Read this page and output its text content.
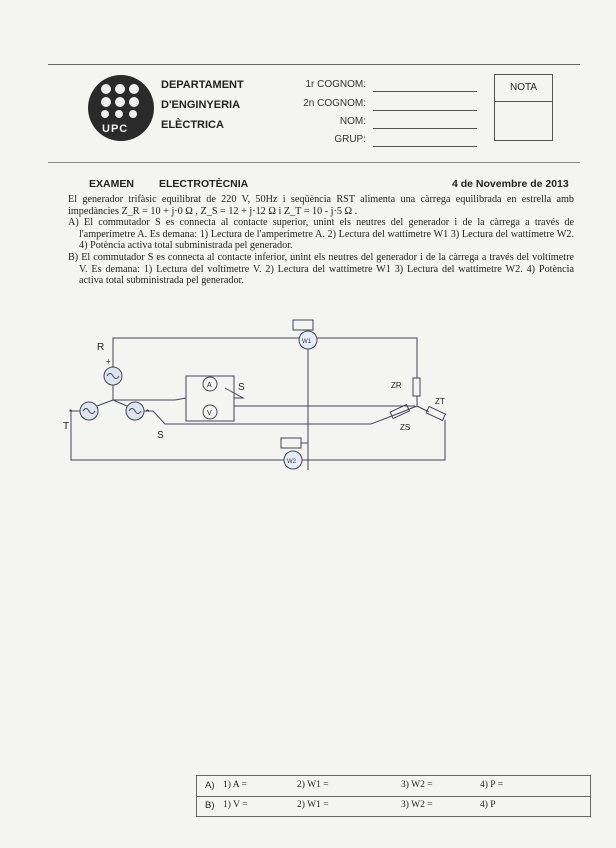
UPC
DEPARTAMENT
D'ENGINYERIA
ELÈCTRICA
1r COGNOM:
2n COGNOM:
NOM:
GRUP:
NOTA
EXAMEN ELECTROTÈCNIA	4 de Novembre de 2013
El generador trifàsic equilibrat de 220 V, 50Hz i seqüència RST alimenta una càrrega equilibrada en estrella amb impedàncies Z_R = 10 + j·0 Ω , Z_S = 12 + j·12 Ω i Z_T = 10 - j·5 Ω .
A) El commutador S es connecta al contacte superior, unint els neutres del generador i de la càrrega a través de l'amperímetre A. Es demana: 1) Lectura de l'amperímetre A. 2) Lectura del wattímetre W1 3) Lectura del wattímetre W2. 4) Potència activa total subministrada pel generador.
B) El commutador S es connecta al contacte inferior, unint els neutres del generador i de la càrrega a través del voltímetre V. Es demana: 1) Lectura del voltímetre V. 2) Lectura del wattímetre W1 3) Lectura del wattímetre W2. 4) Potència activa total subministrada pel generador.
W1
R
+
T
*	*
S
A
V
S	ZR
ZS
ZT
W2
A) 1) A =	2) W1 =	3) W2 =	4) P =
B) 1) V =	2) W1 =	3) W2 =	4) P
